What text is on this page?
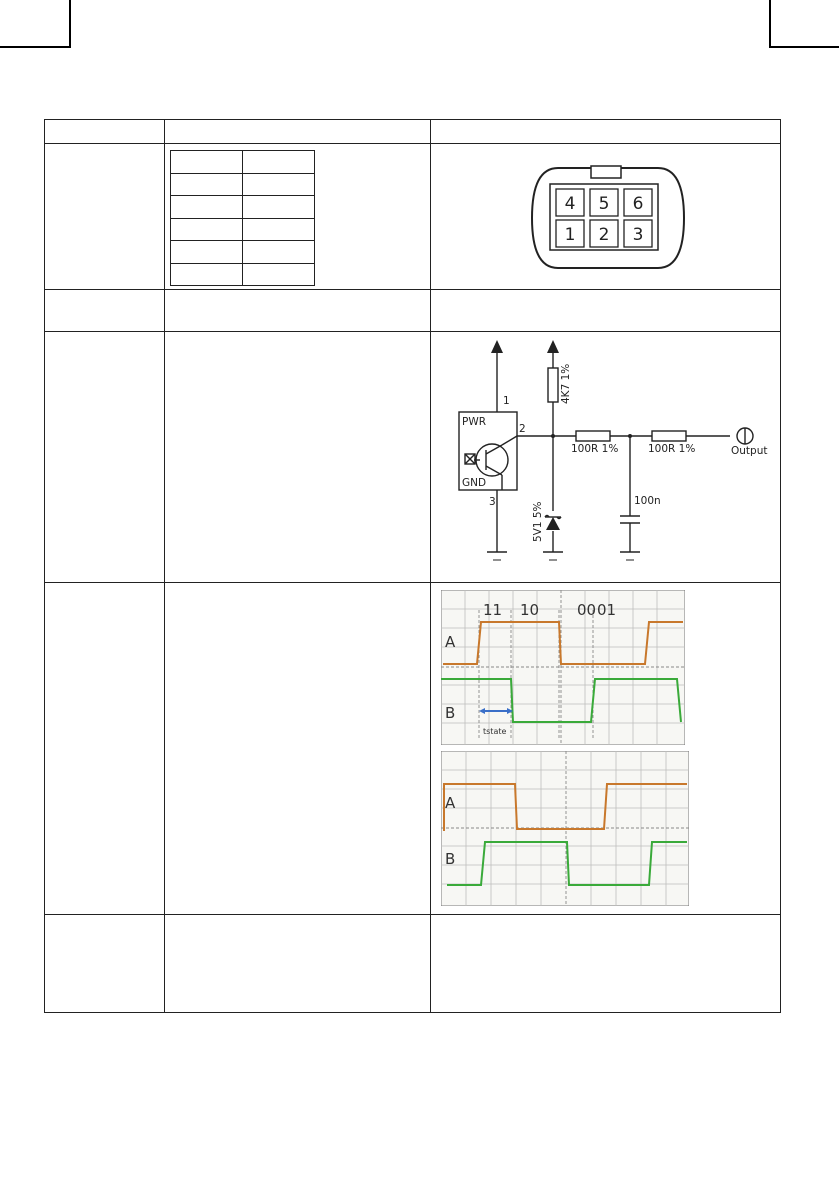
4 5 6
1 2 3
1
2
3
PWR
GND
4K7 1%
100R 1%	100R 1%
5V1 5%
100n
Output
11 10	00 01
A
B
tstate
A
B
